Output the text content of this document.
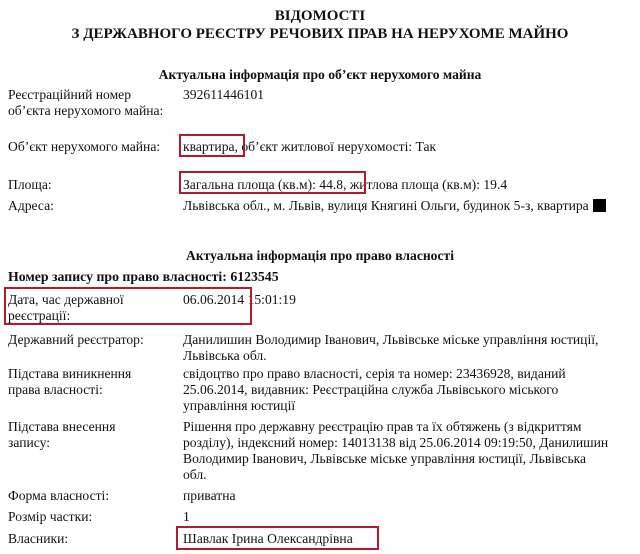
ВІДОМОСТІ
З ДЕРЖАВНОГО РЕЄСТРУ РЕЧОВИХ ПРАВ НА НЕРУХОМЕ МАЙНО
Актуальна інформація про об’єкт нерухомого майна
Реєстраційний номер об’єкта нерухомого майна:
392611446101
Об’єкт нерухомого майна:	квартира, об’єкт житлової нерухомості: Так
Площа:	Загальна площа (кв.м): 44.8, житлова площа (кв.м): 19.4
Адреса:	Львівська обл., м. Львів, вулиця Княгині Ольги, будинок 5-з, квартира
Актуальна інформація про право власності
Номер запису про право власності: 6123545
Дата, час державної реєстрації:
06.06.2014 15:01:19
Державний реєстратор:	Данилишин Володимир Іванович, Львівське міське управління юстиції, Львівська обл.
Підстава виникнення права власності:
свідоцтво про право власності, серія та номер: 23436928, виданий 25.06.2014, видавник: Реєстраційна служба Львівського міського управління юстиції
Підстава внесення запису:
Рішення про державну реєстрацію прав та їх обтяжень (з відкриттям розділу), індексний номер: 14013138 від 25.06.2014 09:19:50, Данилишин Володимир Іванович, Львівське міське управління юстиції, Львівська обл.
Форма власності:	приватна
Розмір частки:	1
Власники:	Шавлак Ірина Олександрівна
